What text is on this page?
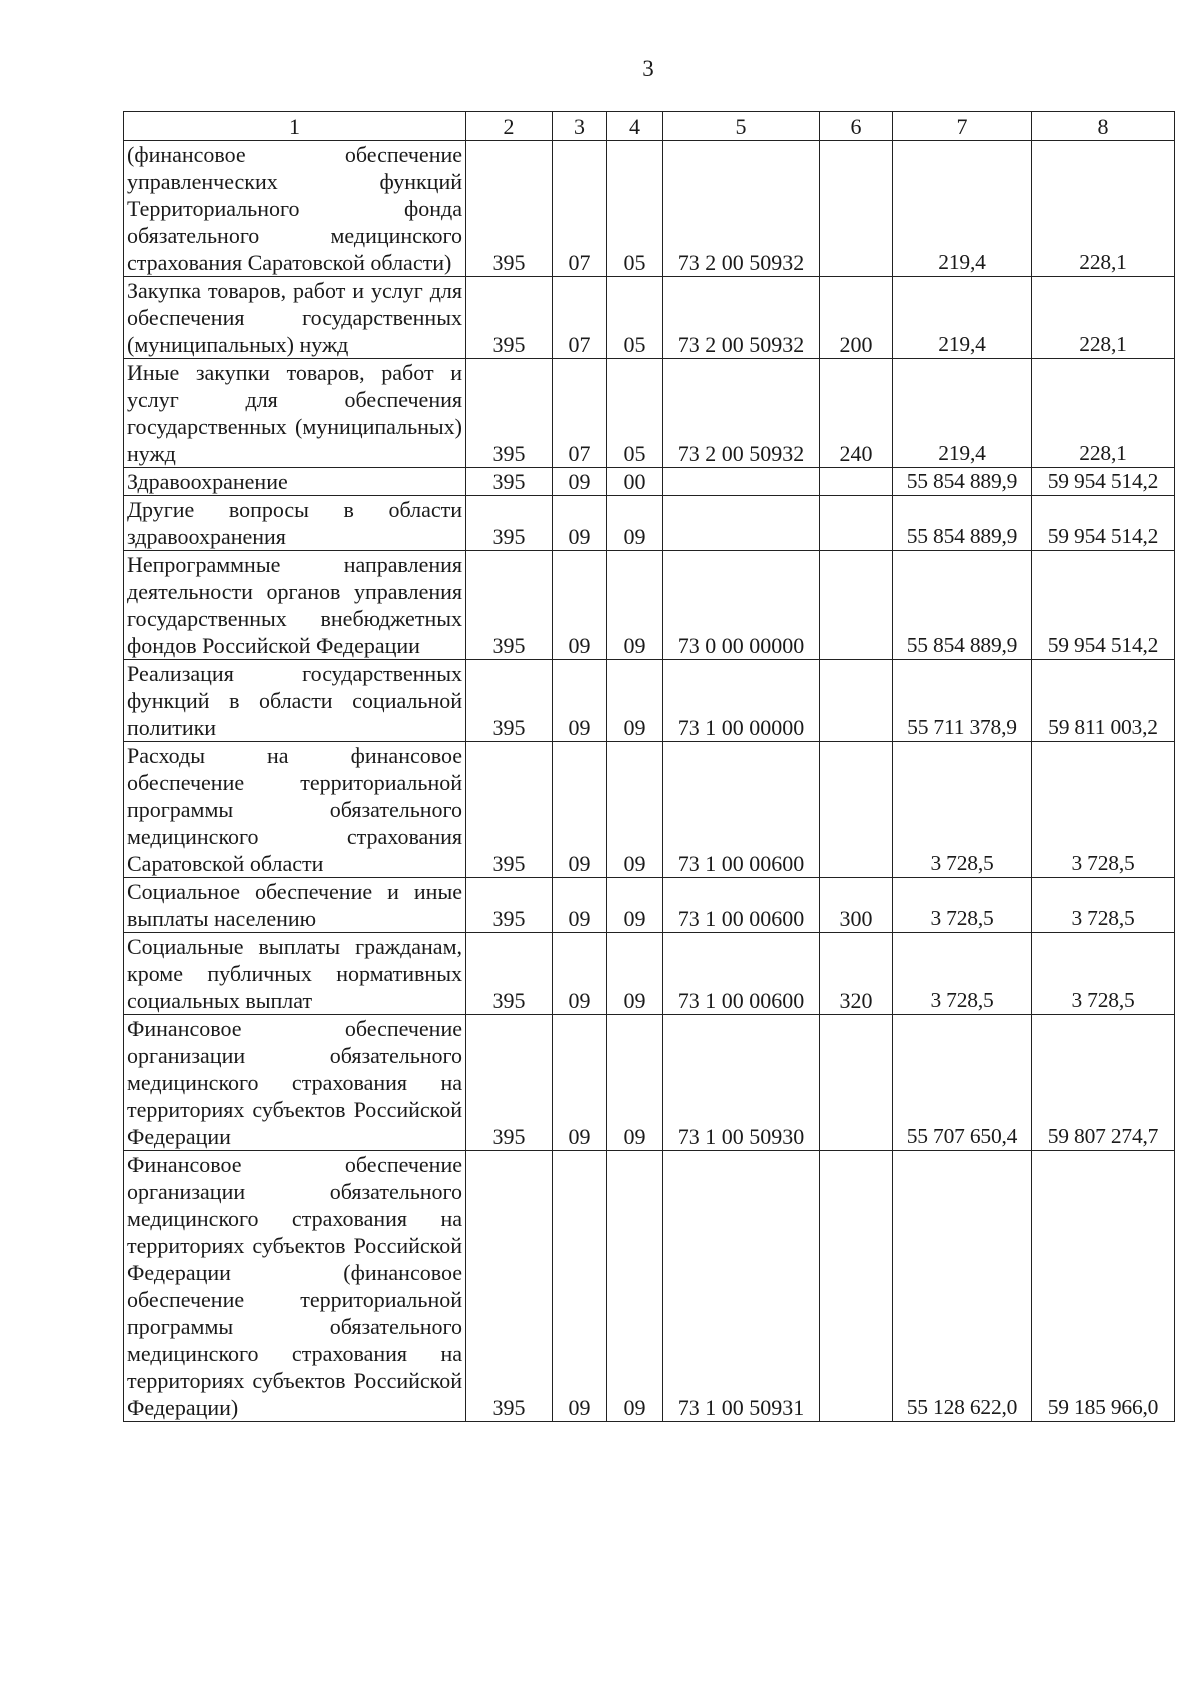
3
1	2	3	4	5	6	7	8
(финансовое обеспечение управленческих функций Территориального фонда обязательного медицинского страхования Саратовской области)	395	07	05	73 2 00 50932		219,4	228,1
Закупка товаров, работ и услуг для обеспечения государственных (муниципальных) нужд	395	07	05	73 2 00 50932	200	219,4	228,1
Иные закупки товаров, работ и услуг для обеспечения государственных (муниципальных) нужд	395	07	05	73 2 00 50932	240	219,4	228,1
Здравоохранение	395	09	00			55 854 889,9	59 954 514,2
Другие вопросы в области здравоохранения	395	09	09			55 854 889,9	59 954 514,2
Непрограммные направления деятельности органов управления государственных внебюджетных фондов Российской Федерации	395	09	09	73 0 00 00000		55 854 889,9	59 954 514,2
Реализация государственных функций в области социальной политики	395	09	09	73 1 00 00000		55 711 378,9	59 811 003,2
Расходы на финансовое обеспечение территориальной программы обязательного медицинского страхования Саратовской области	395	09	09	73 1 00 00600		3 728,5	3 728,5
Социальное обеспечение и иные выплаты населению	395	09	09	73 1 00 00600	300	3 728,5	3 728,5
Социальные выплаты гражданам, кроме публичных нормативных социальных выплат	395	09	09	73 1 00 00600	320	3 728,5	3 728,5
Финансовое обеспечение организации обязательного медицинского страхования на территориях субъектов Российской Федерации	395	09	09	73 1 00 50930		55 707 650,4	59 807 274,7
Финансовое обеспечение организации обязательного медицинского страхования на территориях субъектов Российской Федерации (финансовое обеспечение территориальной программы обязательного медицинского страхования на территориях субъектов Российской Федерации)	395	09	09	73 1 00 50931		55 128 622,0	59 185 966,0
